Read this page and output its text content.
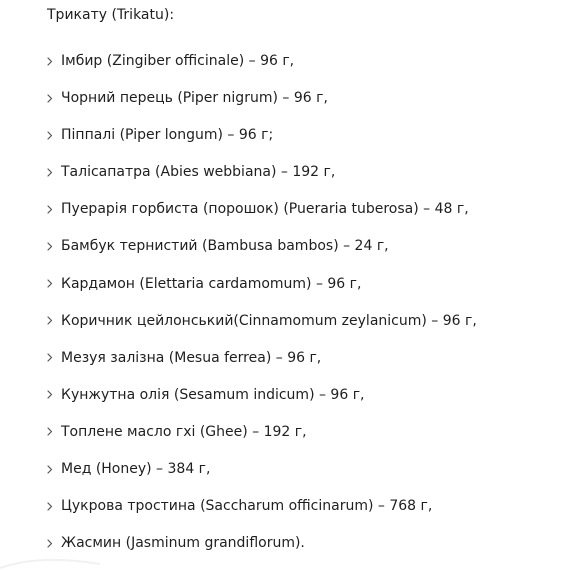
Трикату (Trikatu):
Імбир (Zingiber officinale) – 96 г,
Чорний перець (Piper nigrum) – 96 г,
Піппалі (Piper longum) – 96 г;
Талісапатра (Abies webbiana) – 192 г,
Пуерарія горбиста (порошок) (Pueraria tuberosa) – 48 г,
Бамбук тернистий (Bambusa bambos) – 24 г,
Кардамон (Elettaria cardamomum) – 96 г,
Коричник цейлонський(Cinnamomum zeylanicum) – 96 г,
Мезуя залізна (Mesua ferrea) – 96 г,
Кунжутна олія (Sesamum indicum) – 96 г,
Топлене масло гхі (Ghee) – 192 г,
Мед (Honey) – 384 г,
Цукрова тростина (Saccharum officinarum) – 768 г,
Жасмин (Jasminum grandiflorum).
